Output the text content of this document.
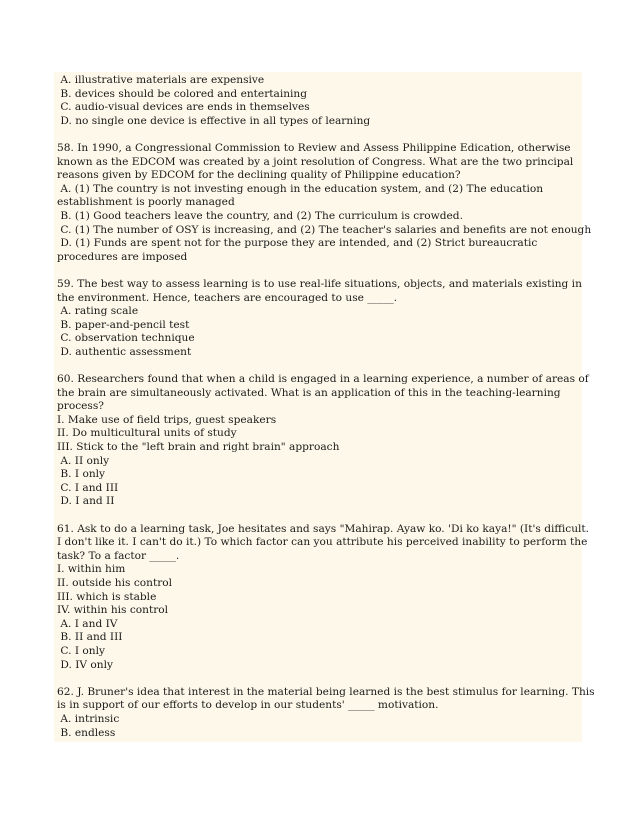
A. illustrative materials are expensive
B. devices should be colored and entertaining
C. audio-visual devices are ends in themselves
D. no single one device is effective in all types of learning
58. In 1990, a Congressional Commission to Review and Assess Philippine Edication, otherwise
known as the EDCOM was created by a joint resolution of Congress. What are the two principal
reasons given by EDCOM for the declining quality of Philippine education?
A. (1) The country is not investing enough in the education system, and (2) The education
establishment is poorly managed
B. (1) Good teachers leave the country, and (2) The curriculum is crowded.
C. (1) The number of OSY is increasing, and (2) The teacher's salaries and benefits are not enough
D. (1) Funds are spent not for the purpose they are intended, and (2) Strict bureaucratic
procedures are imposed
59. The best way to assess learning is to use real-life situations, objects, and materials existing in
the environment. Hence, teachers are encouraged to use _____.
A. rating scale
B. paper-and-pencil test
C. observation technique
D. authentic assessment
60. Researchers found that when a child is engaged in a learning experience, a number of areas of
the brain are simultaneously activated. What is an application of this in the teaching-learning
process?
I. Make use of field trips, guest speakers
II. Do multicultural units of study
III. Stick to the "left brain and right brain" approach
A. II only
B. I only
C. I and III
D. I and II
61. Ask to do a learning task, Joe hesitates and says "Mahirap. Ayaw ko. 'Di ko kaya!" (It's difficult.
I don't like it. I can't do it.) To which factor can you attribute his perceived inability to perform the
task? To a factor _____.
I. within him
II. outside his control
III. which is stable
IV. within his control
A. I and IV
B. II and III
C. I only
D. IV only
62. J. Bruner's idea that interest in the material being learned is the best stimulus for learning. This
is in support of our efforts to develop in our students' _____ motivation.
A. intrinsic
B. endless
